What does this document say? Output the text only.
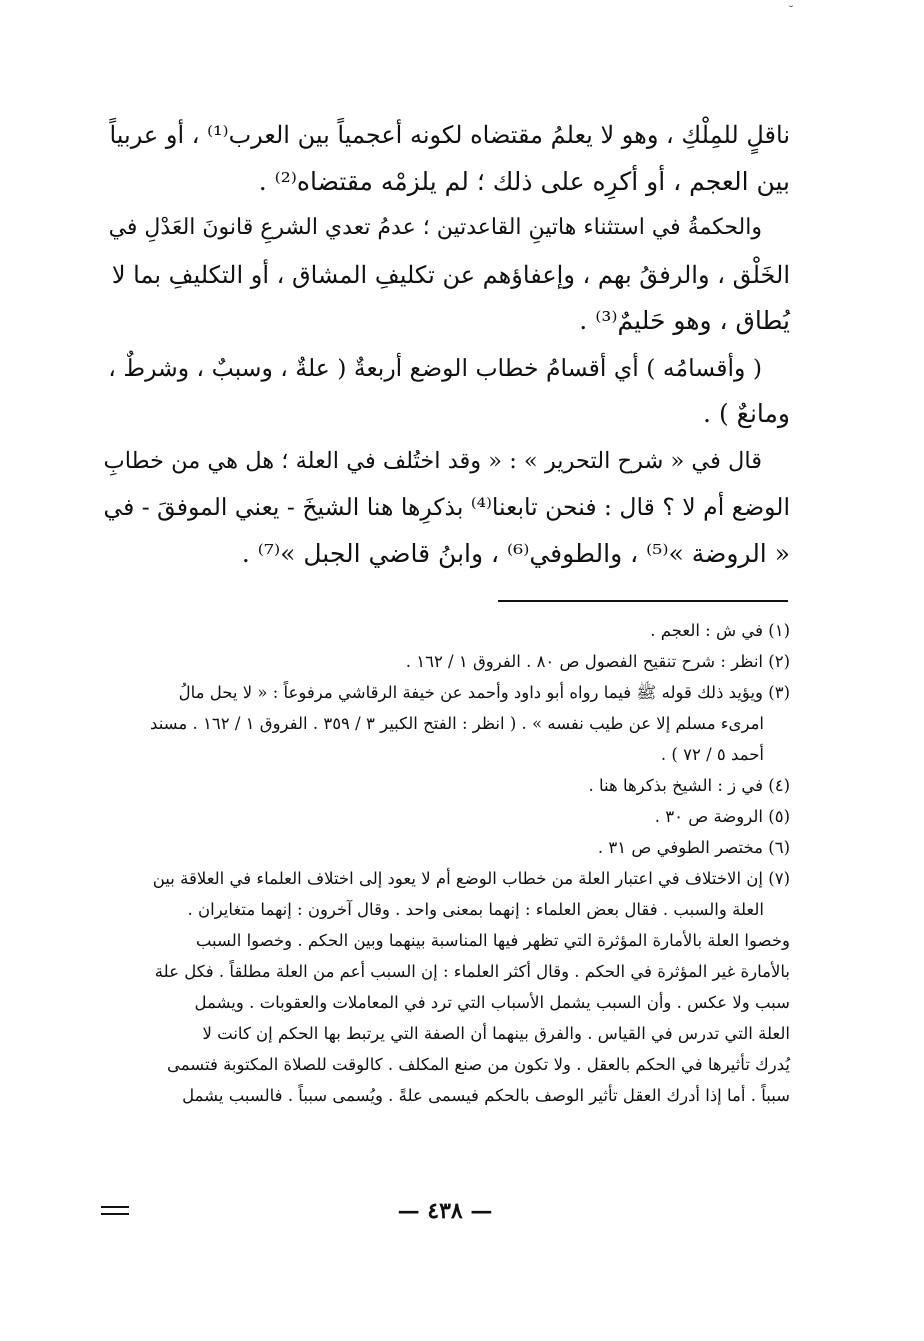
˘
ناقلٍ للمِلْكِ ، وهو لا يعلمُ مقتضاه لكونه أعجمياً بين العرب⁽¹⁾ ، أو عربياً
بين العجم ، أو أكرِه على ذلك ؛ لم يلزمْه مقتضاه⁽²⁾ .
والحكمةُ في استثناء هاتينِ القاعدتين ؛ عدمُ تعدي الشرعِ قانونَ العَدْلِ في
الخَلْق ، والرفقُ بهم ، وإعفاؤهم عن تكليفِ المشاق ، أو التكليفِ بما لا
يُطاق ، وهو حَليمٌ⁽³⁾ .
( وأقسامُه ) أي أقسامُ خطاب الوضع أربعةٌ ( علةٌ ، وسببٌ ، وشرطٌ ،
ومانعٌ ) .
قال في « شرح التحرير » : « وقد اختُلف في العلة ؛ هل هي من خطابِ
الوضع أم لا ؟ قال : فنحن تابعنا⁽⁴⁾ بذكرِها هنا الشيخَ - يعني الموفقَ - في
« الروضة »⁽⁵⁾ ، والطوفي⁽⁶⁾ ، وابنُ قاضي الجبل »⁽⁷⁾ .
(١) في ش : العجم .
(٢) انظر : شرح تنقيح الفصول ص ٨٠ . الفروق ١ / ١٦٢ .
(٣) ويؤيد ذلك قوله ﷺ فيما رواه أبو داود وأحمد عن خيفة الرقاشي مرفوعاً : « لا يحل مالُ
امرىء مسلم إلا عن طيب نفسه » . ( انظر : الفتح الكبير ٣ / ٣٥٩ . الفروق ١ / ١٦٢ . مسند
أحمد ٥ / ٧٢ ) .
(٤) في ز : الشيخ بذكرها هنا .
(٥) الروضة ص ٣٠ .
(٦) مختصر الطوفي ص ٣١ .
(٧) إن الاختلاف في اعتبار العلة من خطاب الوضع أم لا يعود إلى اختلاف العلماء في العلاقة بين
العلة والسبب . فقال بعض العلماء : إنهما بمعنى واحد . وقال آخرون : إنهما متغايران .
وخصوا العلة بالأمارة المؤثرة التي تظهر فيها المناسبة بينهما وبين الحكم . وخصوا السبب
بالأمارة غير المؤثرة في الحكم . وقال أكثر العلماء : إن السبب أعم من العلة مطلقاً . فكل علة
سبب ولا عكس . وأن السبب يشمل الأسباب التي ترد في المعاملات والعقوبات . ويشمل
العلة التي تدرس في القياس . والفرق بينهما أن الصفة التي يرتبط بها الحكم إن كانت لا
يُدرك تأثيرها في الحكم بالعقل . ولا تكون من صنع المكلف . كالوقت للصلاة المكتوبة فتسمى
سبباً . أما إذا أدرك العقل تأثير الوصف بالحكم فيسمى علةً . ويُسمى سبباً . فالسبب يشمل
— ٤٣٨ —
